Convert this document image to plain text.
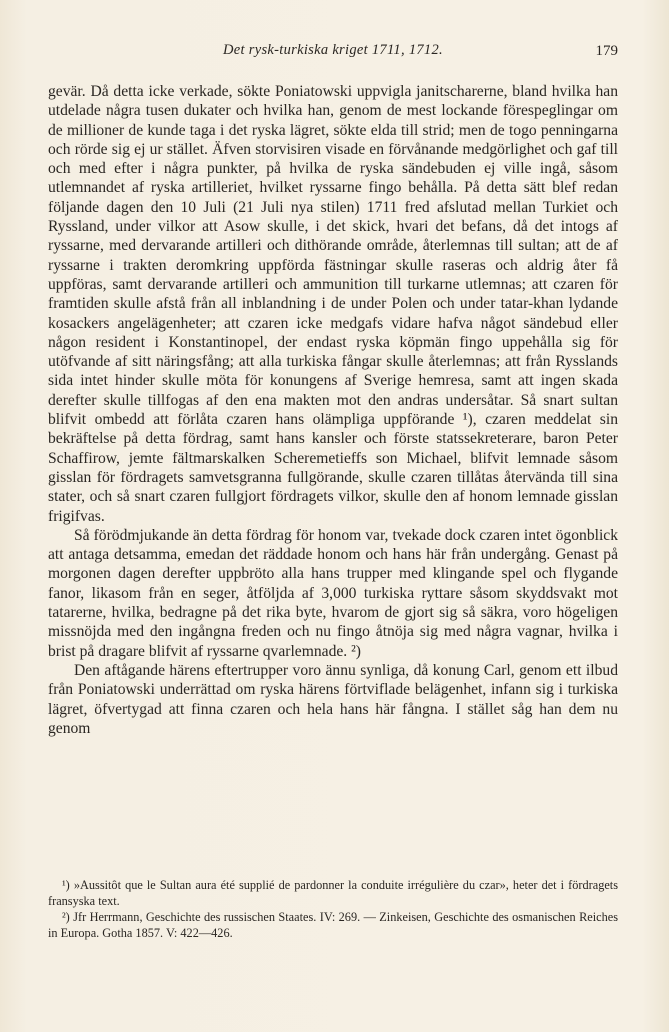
Det rysk-turkiska kriget 1711, 1712.	179

gevär. Då detta icke verkade, sökte Poniatowski uppvigla janitscharerne, bland hvilka han utdelade några tusen dukater och hvilka han, genom de mest lockande förespeglingar om de millioner de kunde taga i det ryska lägret, sökte elda till strid; men de togo penningarna och rörde sig ej ur stället. Äfven storvisiren visade en förvånande medgörlighet och gaf till och med efter i några punkter, på hvilka de ryska sändebuden ej ville ingå, såsom utlemnandet af ryska artilleriet, hvilket ryssarne fingo behålla. På detta sätt blef redan följande dagen den 10 Juli (21 Juli nya stilen) 1711 fred afslutad mellan Turkiet och Ryssland, under vilkor att Asow skulle, i det skick, hvari det befans, då det intogs af ryssarne, med dervarande artilleri och dithörande område, återlemnas till sultan; att de af ryssarne i trakten deromkring uppförda fästningar skulle raseras och aldrig åter få uppföras, samt dervarande artilleri och ammunition till turkarne utlemnas; att czaren för framtiden skulle afstå från all inblandning i de under Polen och under tatar-khan lydande kosackers angelägenheter; att czaren icke medgafs vidare hafva något sändebud eller någon resident i Konstantinopel, der endast ryska köpmän fingo uppehålla sig för utöfvande af sitt näringsfång; att alla turkiska fångar skulle återlemnas; att från Rysslands sida intet hinder skulle möta för konungens af Sverige hemresa, samt att ingen skada derefter skulle tillfogas af den ena makten mot den andras undersåtar. Så snart sultan blifvit ombedd att förlåta czaren hans olämpliga uppförande ¹), czaren meddelat sin bekräftelse på detta fördrag, samt hans kansler och förste statssekreterare, baron Peter Schaffirow, jemte fältmarskalken Scheremetieffs son Michael, blifvit lemnade såsom gisslan för fördragets samvetsgranna fullgörande, skulle czaren tillåtas återvända till sina stater, och så snart czaren fullgjort fördragets vilkor, skulle den af honom lemnade gisslan frigifvas.

Så förödmjukande än detta fördrag för honom var, tvekade dock czaren intet ögonblick att antaga detsamma, emedan det räddade honom och hans här från undergång. Genast på morgonen dagen derefter uppbröto alla hans trupper med klingande spel och flygande fanor, likasom från en seger, åtföljda af 3,000 turkiska ryttare såsom skyddsvakt mot tatarerne, hvilka, bedragne på det rika byte, hvarom de gjort sig så säkra, voro högeligen missnöjda med den ingångna freden och nu fingo åtnöja sig med några vagnar, hvilka i brist på dragare blifvit af ryssarne qvarlemnade. ²)

Den aftågande härens eftertrupper voro ännu synliga, då konung Carl, genom ett ilbud från Poniatowski underrättad om ryska härens förtviflade belägenhet, infann sig i turkiska lägret, öfvertygad att finna czaren och hela hans här fångna. I stället såg han dem nu genom

¹) »Aussitôt que le Sultan aura été supplié de pardonner la conduite irrégulière du czar», heter det i fördragets fransyska text.

²) Jfr Herrmann, Geschichte des russischen Staates. IV: 269. — Zinkeisen, Geschichte des osmanischen Reiches in Europa. Gotha 1857. V: 422—426.
